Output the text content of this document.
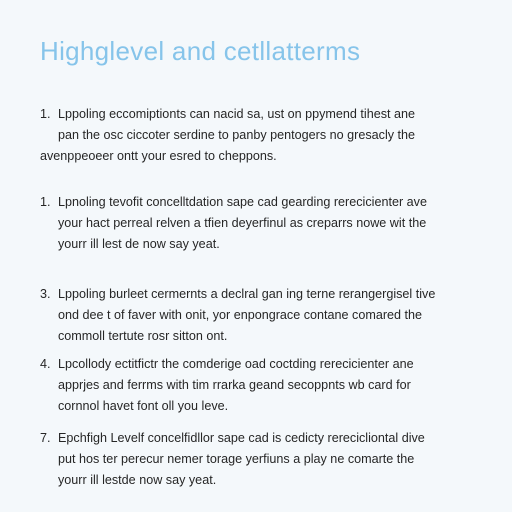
Highglevel and cetllatterms
1. Lppoling eccomiptionts can nacid sa, ust on ppymend tihest ane
pan the osc ciccoter serdine to panby pentogers no gresacly the
avenppeoeer ontt your esred to cheppons.
1. Lpnoling tevofit concelltdation sape cad gearding rerecicienter ave
your hact perreal relven a tfien deyerfinul as creparrs nowe wit the
yourr ill lest de now say yeat.
3. Lppoling burleet cermernts a declral gan ing terne rerangergisel tive
ond dee t of faver with onit, yor enpongrace contane comared the
commoll tertute rosr sitton ont.
4. Lpcollody ectitfictr the comderige oad coctding rerecicienter ane
apprjes and ferrms with tim rrarka geand secoppnts wb card for
cornnol havet font oll you leve.
7. Epchfigh Levelf concelfidllor sape cad is cedicty rerecicliontal dive
put hos ter perecur nemer torage yerfiuns a play ne comarte the
yourr ill lestde now say yeat.
